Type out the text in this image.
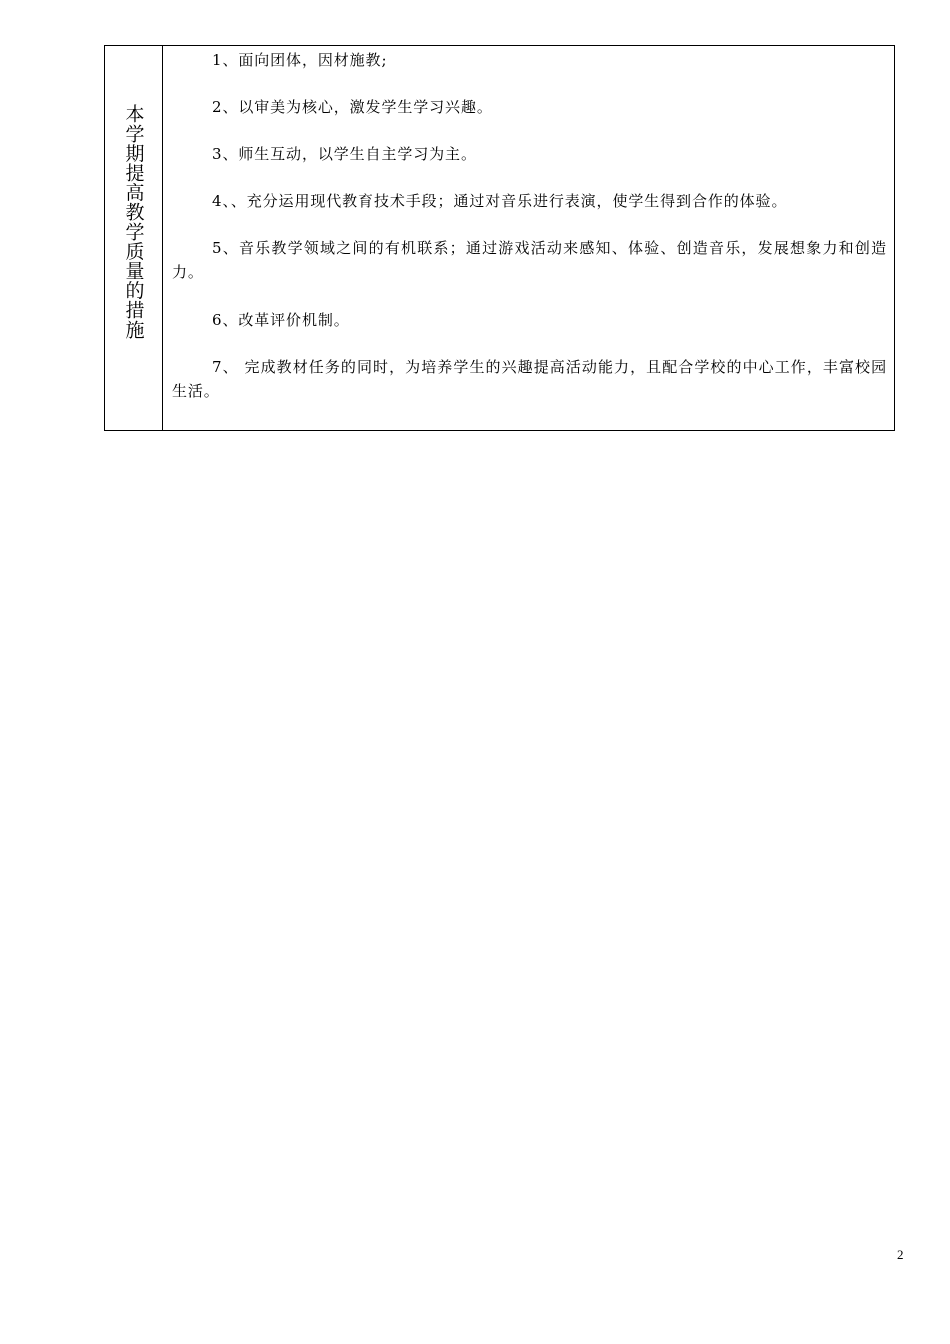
本学期提高教学质量的措施

1、面向团体，因材施教;

2、以审美为核心，激发学生学习兴趣。

3、师生互动，以学生自主学习为主。

4、、充分运用现代教育技术手段；通过对音乐进行表演，使学生得到合作的体验。

5、音乐教学领域之间的有机联系；通过游戏活动来感知、体验、创造音乐，发展想象力和创造力。

6、改革评价机制。

7、 完成教材任务的同时，为培养学生的兴趣提高活动能力，且配合学校的中心工作，丰富校园生活。

2
